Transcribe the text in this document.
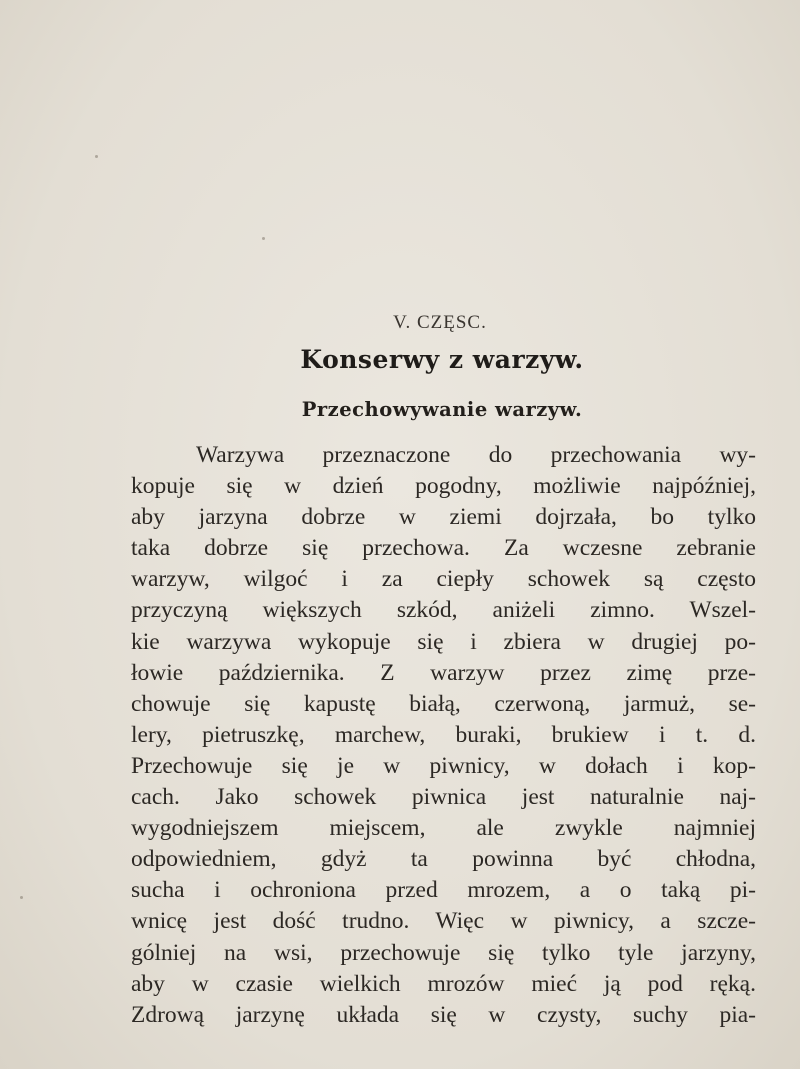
V. CZĘSC.
Konserwy z warzyw.
Przechowywanie warzyw.
Warzywa przeznaczone do przechowania wy-
kopuje się w dzień pogodny, możliwie najpóźniej,
aby jarzyna dobrze w ziemi dojrzała, bo tylko
taka dobrze się przechowa. Za wczesne zebranie
warzyw, wilgoć i za ciepły schowek są często
przyczyną większych szkód, aniżeli zimno. Wszel-
kie warzywa wykopuje się i zbiera w drugiej po-
łowie października. Z warzyw przez zimę prze-
chowuje się kapustę białą, czerwoną, jarmuż, se-
lery, pietruszkę, marchew, buraki, brukiew i t. d.
Przechowuje się je w piwnicy, w dołach i kop-
cach. Jako schowek piwnica jest naturalnie naj-
wygodniejszem miejscem, ale zwykle najmniej
odpowiedniem, gdyż ta powinna być chłodna,
sucha i ochroniona przed mrozem, a o taką pi-
wnicę jest dość trudno. Więc w piwnicy, a szcze-
gólniej na wsi, przechowuje się tylko tyle jarzyny,
aby w czasie wielkich mrozów mieć ją pod ręką.
Zdrową jarzynę układa się w czysty, suchy pia-
